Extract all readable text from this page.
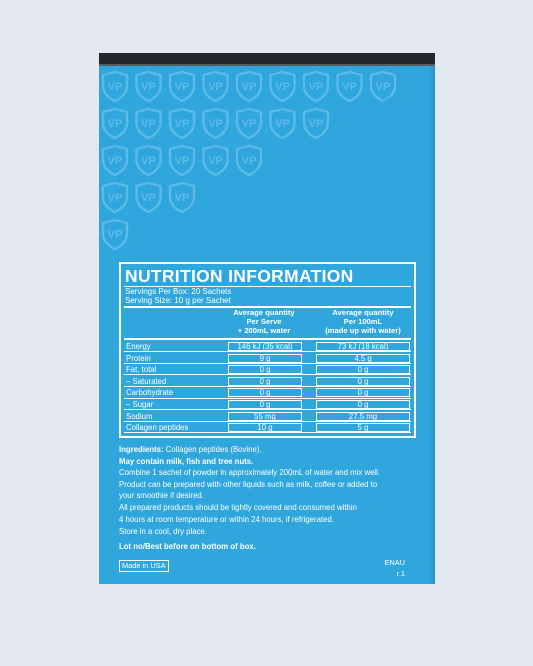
VP VP VP VP VP VP VP VP VP
VP VP VP VP VP VP VP
VP VP VP VP VP
VP VP VP
VP
NUTRITION INFORMATION
Servings Per Box: 20 Sachets
Serving Size: 10 g per Sachet
Average quantity
Per Serve
+ 200mL water
Average quantity
Per 100mL
(made up with water)
Energy	146 kJ (35 kcal)	73 kJ (18 kcal)
Protein	9 g	4.5 g
Fat, total	0 g	0 g
– Saturated	0 g	0 g
Carbohydrate	0 g	0 g
– Sugar	0 g	0 g
Sodium	55 mg	27.5 mg
Collagen peptides	10 g	5 g
Ingredients: Collagen peptides (Bovine).
May contain milk, fish and tree nuts.
Combine 1 sachet of powder in approximately 200mL of water and mix well.
Product can be prepared with other liquids such as milk, coffee or added to
your smoothie if desired.
All prepared products should be tightly covered and consumed within
4 hours at room temperature or within 24 hours, if refrigerated.
Store in a cool, dry place.
Lot no/Best before on bottom of box.
Made in USA	ENAU
r.1
